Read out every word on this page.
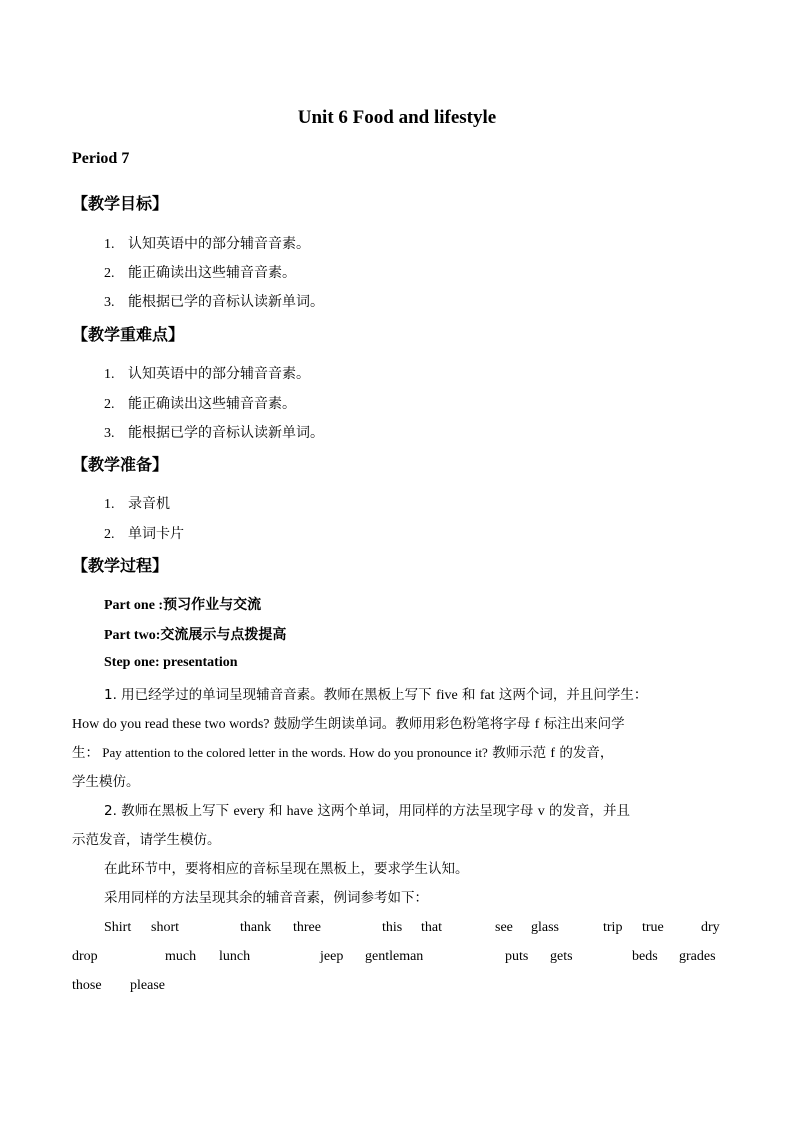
Unit 6 Food and lifestyle
Period 7
【教学目标】
1. 认知英语中的部分辅音音素。
2. 能正确读出这些辅音音素。
3. 能根据已学的音标认读新单词。
【教学重难点】
1. 认知英语中的部分辅音音素。
2. 能正确读出这些辅音音素。
3. 能根据已学的音标认读新单词。
【教学准备】
1. 录音机
2. 单词卡片
【教学过程】
Part one :预习作业与交流
Part two:交流展示与点拨提高
Step one: presentation
1. 用已经学过的单词呈现辅音音素。教师在黑板上写下 five 和 fat 这两个词，并且问学生：
How do you read these two words? 鼓励学生朗读单词。教师用彩色粉笔将字母 f 标注出来问学
生： Pay attention to the colored letter in the words. How do you pronounce it? 教师示范 f 的发音，
学生模仿。
2. 教师在黑板上写下 every 和 have 这两个单词，用同样的方法呈现字母 v 的发音，并且
示范发音，请学生模仿。
在此环节中，要将相应的音标呈现在黑板上，要求学生认知。
采用同样的方法呈现其余的辅音音素，例词参考如下：
Shirt short	thank three	this that	see glass	trip true	dry
drop	much lunch	jeep gentleman	puts gets	beds grades
those please
